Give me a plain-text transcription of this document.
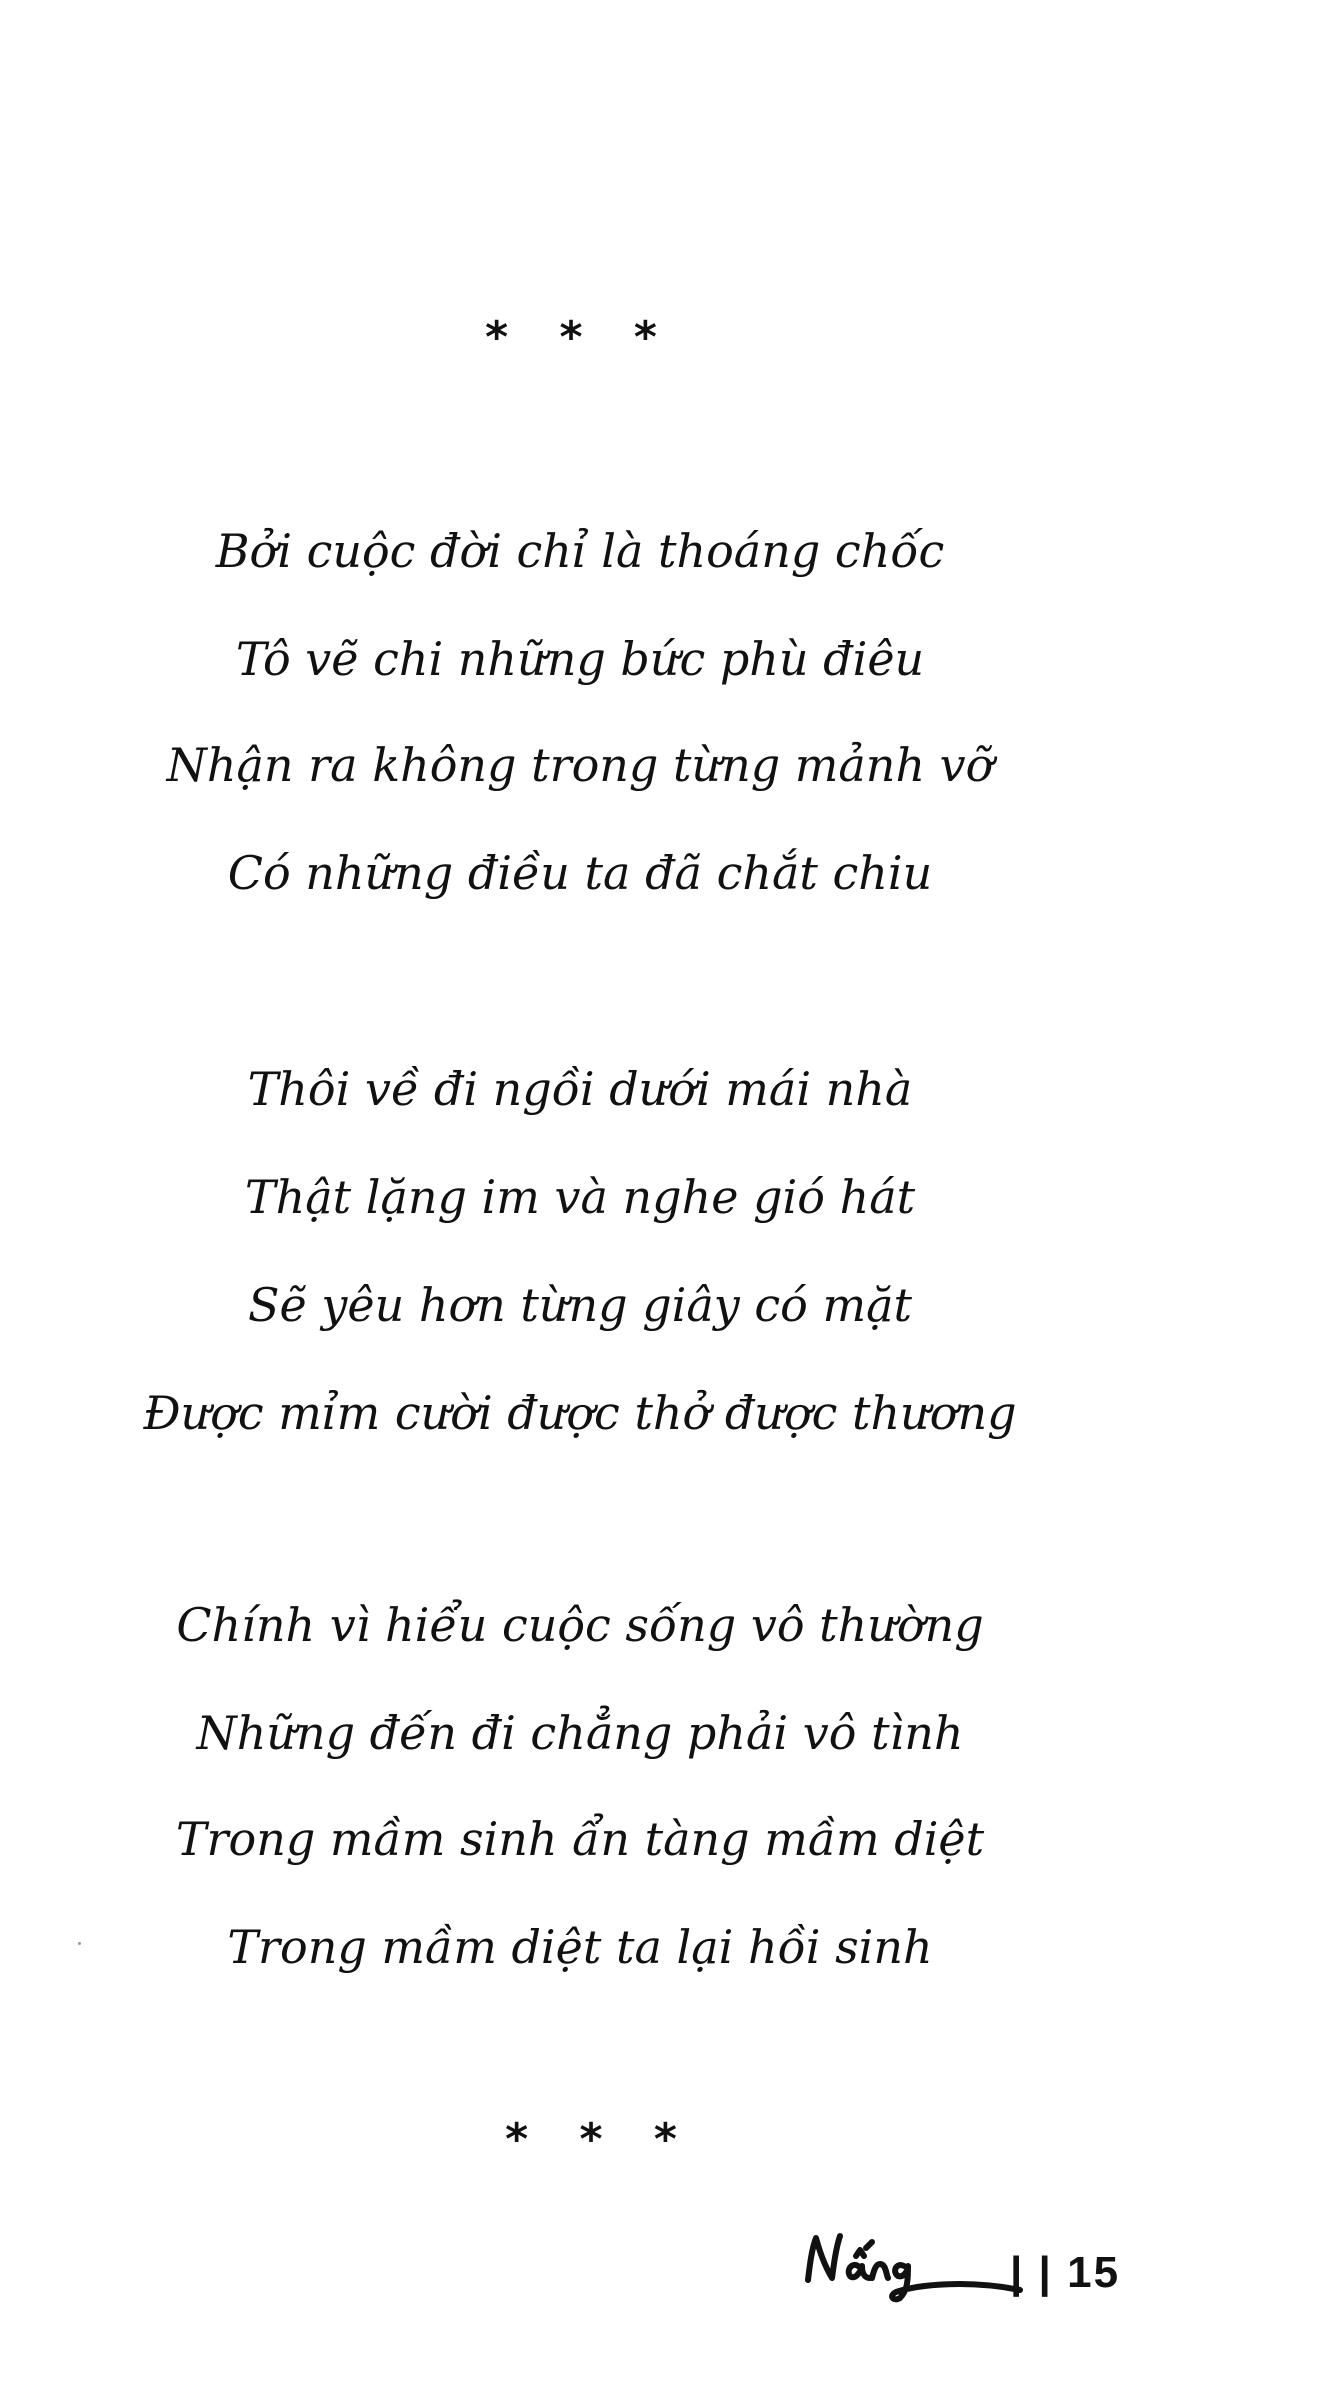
* * *
Bởi cuộc đời chỉ là thoáng chốc
Tô vẽ chi những bức phù điêu
Nhận ra không trong từng mảnh vỡ
Có những điều ta đã chắt chiu
Thôi về đi ngồi dưới mái nhà
Thật lặng im và nghe gió hát
Sẽ yêu hơn từng giây có mặt
Được mỉm cười được thở được thương
Chính vì hiểu cuộc sống vô thường
Những đến đi chẳng phải vô tình
Trong mầm sinh ẩn tàng mầm diệt
Trong mầm diệt ta lại hồi sinh
* * *
| | 15
